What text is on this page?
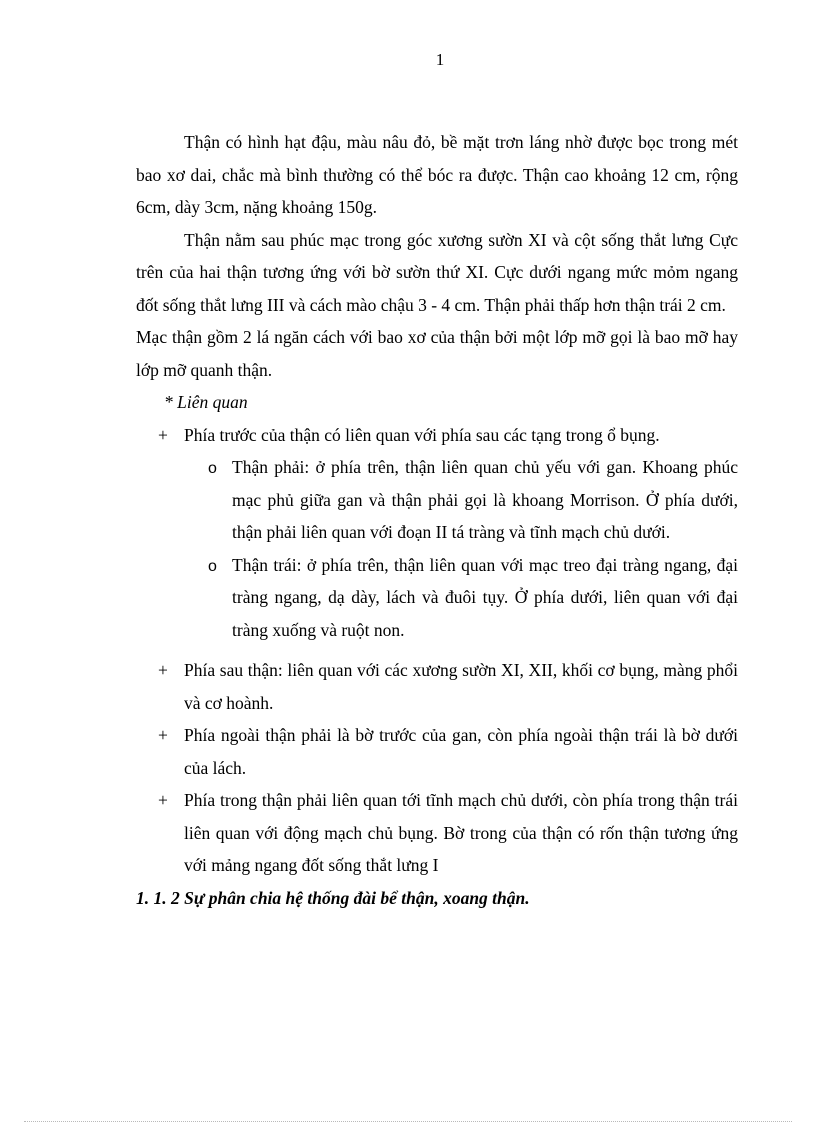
1

Thận có hình hạt đậu, màu nâu đỏ, bề mặt trơn láng nhờ được bọc trong mét bao xơ dai, chắc mà bình thường có thể bóc ra được. Thận cao khoảng 12 cm, rộng 6cm, dày 3cm, nặng khoảng 150g.

Thận nằm sau phúc mạc trong góc xương sườn XI và cột sống thắt lưng Cực trên của hai thận tương ứng với bờ sườn thứ XI. Cực dưới ngang mức mỏm ngang đốt sống thắt lưng III và cách mào chậu 3 - 4 cm. Thận phải thấp hơn thận trái 2 cm.

Mạc thận gồm 2 lá ngăn cách với bao xơ của thận bởi một lớp mỡ gọi là bao mỡ hay lớp mỡ quanh thận.

* Liên quan

+ Phía trước của thận có liên quan với phía sau các tạng trong ổ bụng.
o Thận phải: ở phía trên, thận liên quan chủ yếu với gan. Khoang phúc mạc phủ giữa gan và thận phải gọi là khoang Morrison. Ở phía dưới, thận phải liên quan với đoạn II tá tràng và tĩnh mạch chủ dưới.
o Thận trái: ở phía trên, thận liên quan với mạc treo đại tràng ngang, đại tràng ngang, dạ dày, lách và đuôi tụy. Ở phía dưới, liên quan với đại tràng xuống và ruột non.
+ Phía sau thận: liên quan với các xương sườn XI, XII, khối cơ bụng, màng phổi và cơ hoành.
+ Phía ngoài thận phải là bờ trước của gan, còn phía ngoài thận trái là bờ dưới của lách.
+ Phía trong thận phải liên quan tới tĩnh mạch chủ dưới, còn phía trong thận trái liên quan với động mạch chủ bụng. Bờ trong của thận có rốn thận tương ứng với mảng ngang đốt sống thắt lưng I

1. 1. 2 Sự phân chia hệ thống đài bể thận, xoang thận.
